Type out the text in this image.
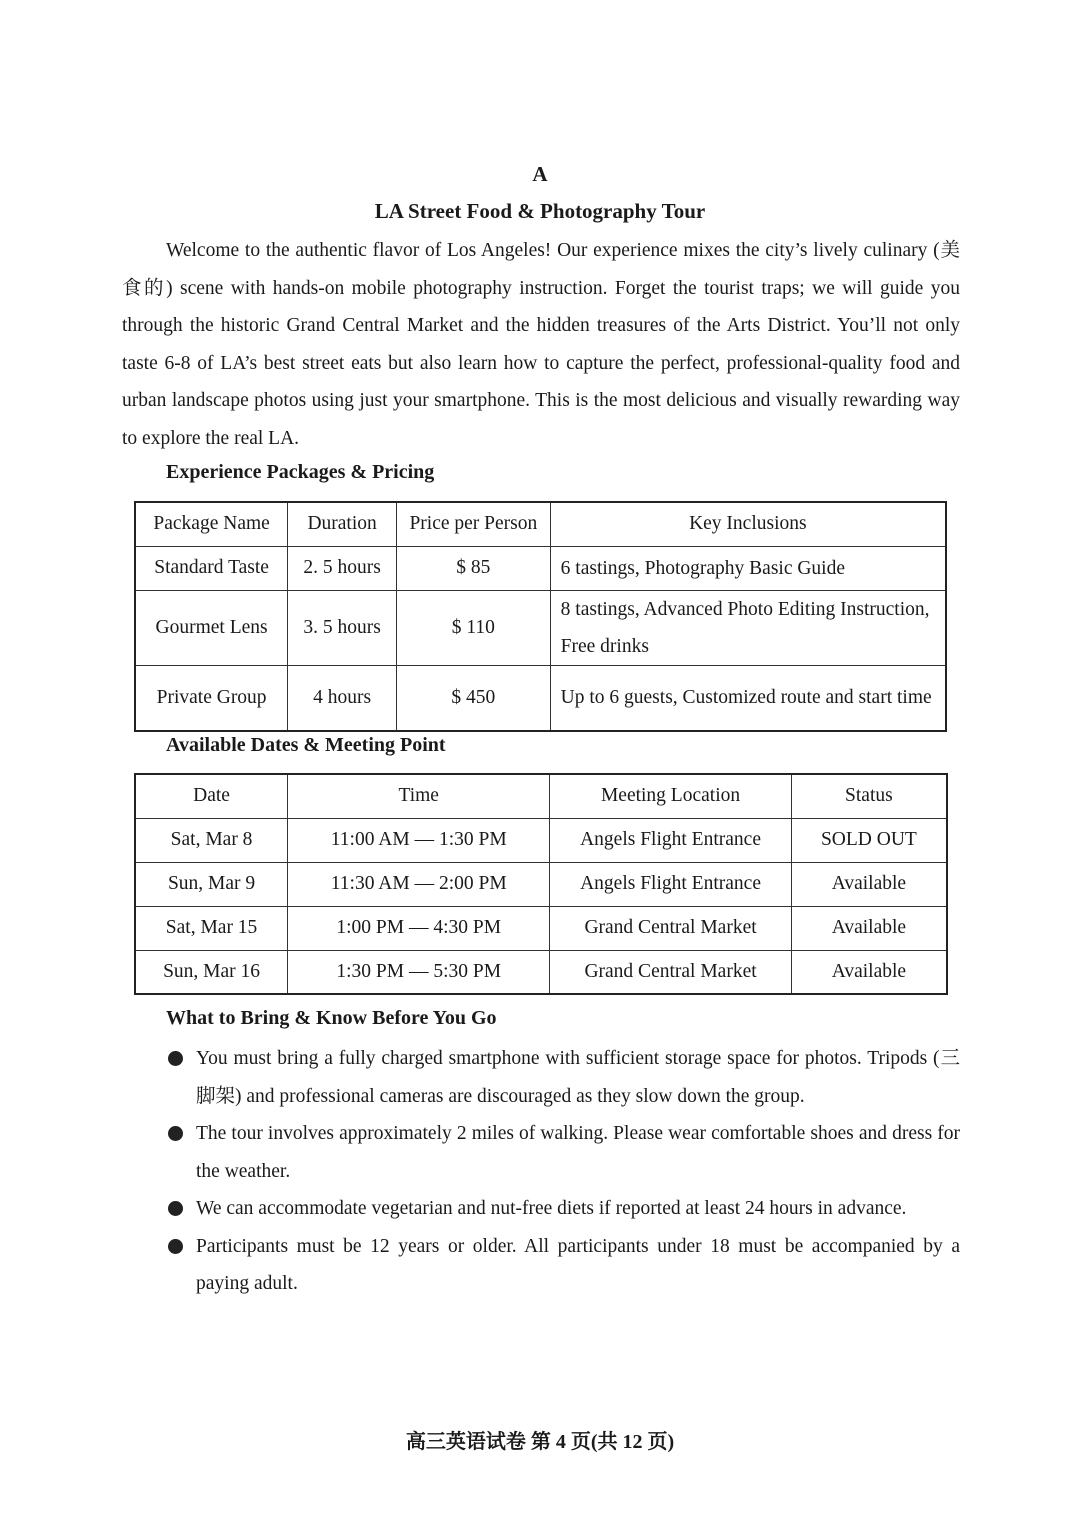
A
LA Street Food & Photography Tour

Welcome to the authentic flavor of Los Angeles! Our experience mixes the city’s lively culinary (美食的) scene with hands-on mobile photography instruction. Forget the tourist traps; we will guide you through the historic Grand Central Market and the hidden treasures of the Arts District. You’ll not only taste 6-8 of LA’s best street eats but also learn how to capture the perfect, professional-quality food and urban landscape photos using just your smartphone. This is the most delicious and visually rewarding way to explore the real LA.

Experience Packages & Pricing
Package Name	Duration	Price per Person	Key Inclusions
Standard Taste	2. 5 hours	$ 85	6 tastings, Photography Basic Guide
Gourmet Lens	3. 5 hours	$ 110	8 tastings, Advanced Photo Editing Instruction, Free drinks
Private Group	4 hours	$ 450	Up to 6 guests, Customized route and start time
Available Dates & Meeting Point
Date	Time	Meeting Location	Status
Sat, Mar 8	11:00 AM — 1:30 PM	Angels Flight Entrance	SOLD OUT
Sun, Mar 9	11:30 AM — 2:00 PM	Angels Flight Entrance	Available
Sat, Mar 15	1:00 PM — 4:30 PM	Grand Central Market	Available
Sun, Mar 16	1:30 PM — 5:30 PM	Grand Central Market	Available
What to Bring & Know Before You Go
You must bring a fully charged smartphone with sufficient storage space for photos. Tripods (三脚架) and professional cameras are discouraged as they slow down the group.
The tour involves approximately 2 miles of walking. Please wear comfortable shoes and dress for the weather.
We can accommodate vegetarian and nut-free diets if reported at least 24 hours in advance.
Participants must be 12 years or older. All participants under 18 must be accompanied by a paying adult.
高三英语试卷 第 4 页(共 12 页)
